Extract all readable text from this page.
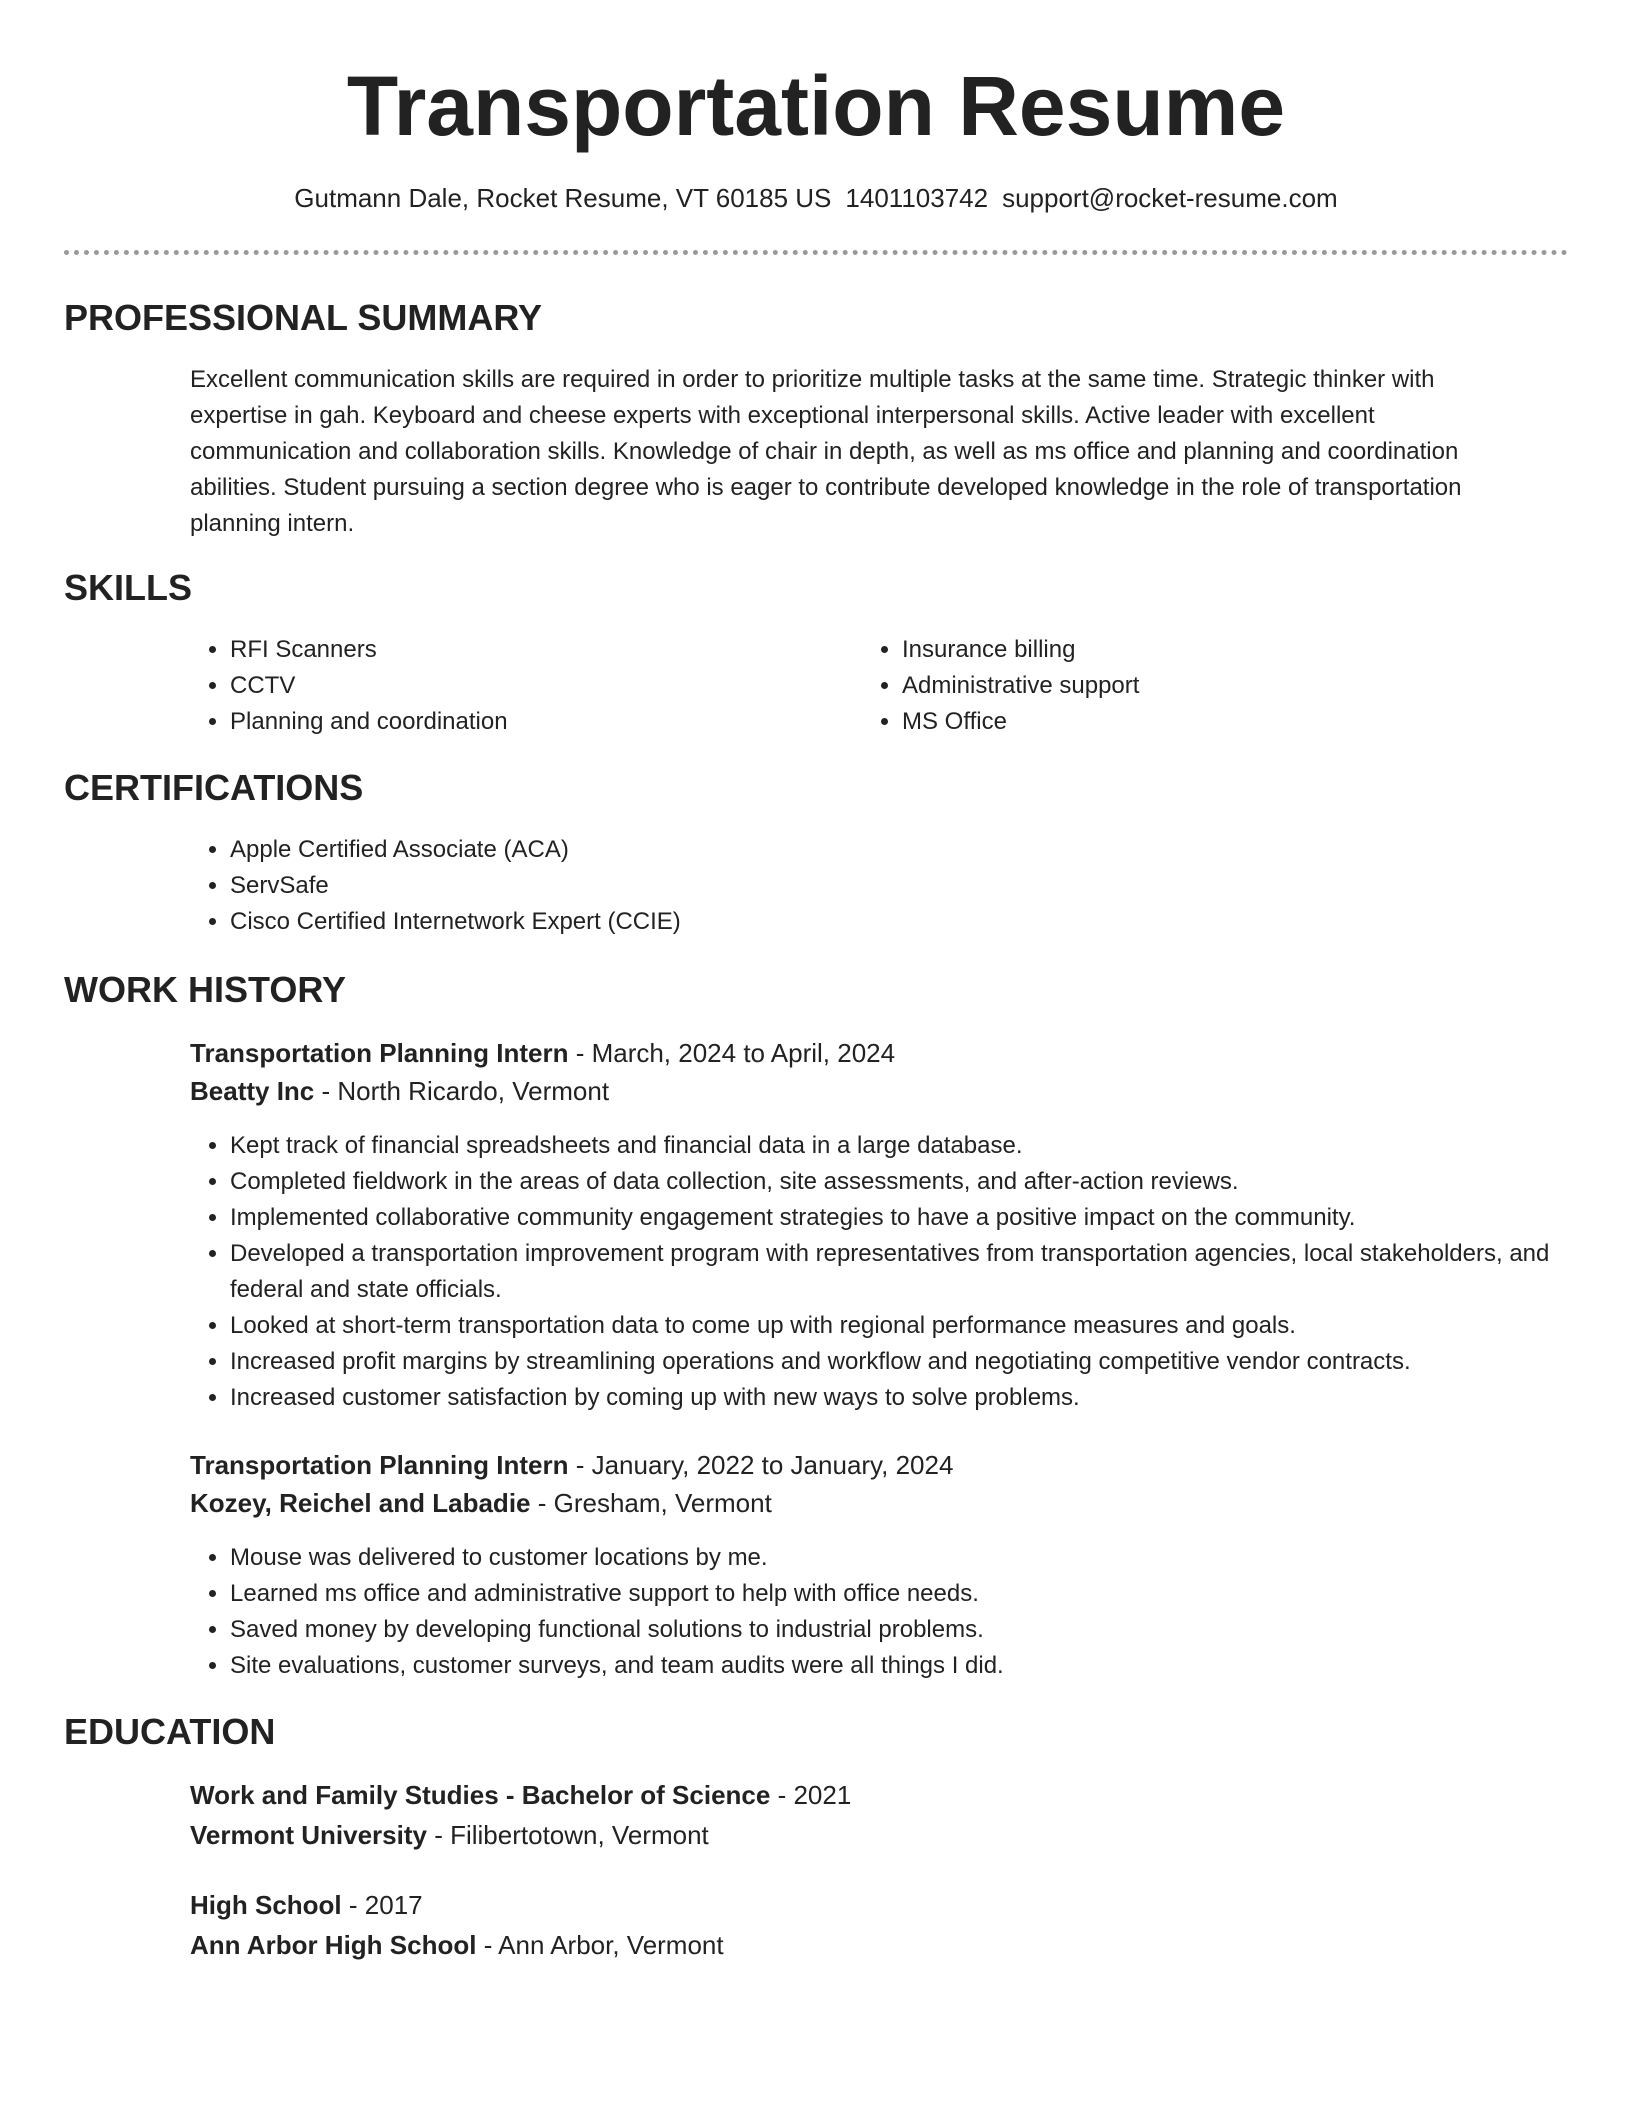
Transportation Resume
Gutmann Dale, Rocket Resume, VT 60185 US 1401103742 support@rocket-resume.com
PROFESSIONAL SUMMARY

Excellent communication skills are required in order to prioritize multiple tasks at the same time. Strategic thinker with expertise in gah. Keyboard and cheese experts with exceptional interpersonal skills. Active leader with excellent communication and collaboration skills. Knowledge of chair in depth, as well as ms office and planning and coordination abilities. Student pursuing a section degree who is eager to contribute developed knowledge in the role of transportation planning intern.

SKILLS
• RFI Scanners
• CCTV
• Planning and coordination
• Insurance billing
• Administrative support
• MS Office
CERTIFICATIONS
• Apple Certified Associate (ACA)
• ServSafe
• Cisco Certified Internetwork Expert (CCIE)
WORK HISTORY
Transportation Planning Intern - March, 2024 to April, 2024
Beatty Inc - North Ricardo, Vermont
• Kept track of financial spreadsheets and financial data in a large database.
• Completed fieldwork in the areas of data collection, site assessments, and after-action reviews.
• Implemented collaborative community engagement strategies to have a positive impact on the community.
• Developed a transportation improvement program with representatives from transportation agencies, local stakeholders, and federal and state officials.
• Looked at short-term transportation data to come up with regional performance measures and goals.
• Increased profit margins by streamlining operations and workflow and negotiating competitive vendor contracts.
• Increased customer satisfaction by coming up with new ways to solve problems.
Transportation Planning Intern - January, 2022 to January, 2024
Kozey, Reichel and Labadie - Gresham, Vermont
• Mouse was delivered to customer locations by me.
• Learned ms office and administrative support to help with office needs.
• Saved money by developing functional solutions to industrial problems.
• Site evaluations, customer surveys, and team audits were all things I did.
EDUCATION
Work and Family Studies - Bachelor of Science - 2021
Vermont University - Filibertotown, Vermont
High School - 2017
Ann Arbor High School - Ann Arbor, Vermont
